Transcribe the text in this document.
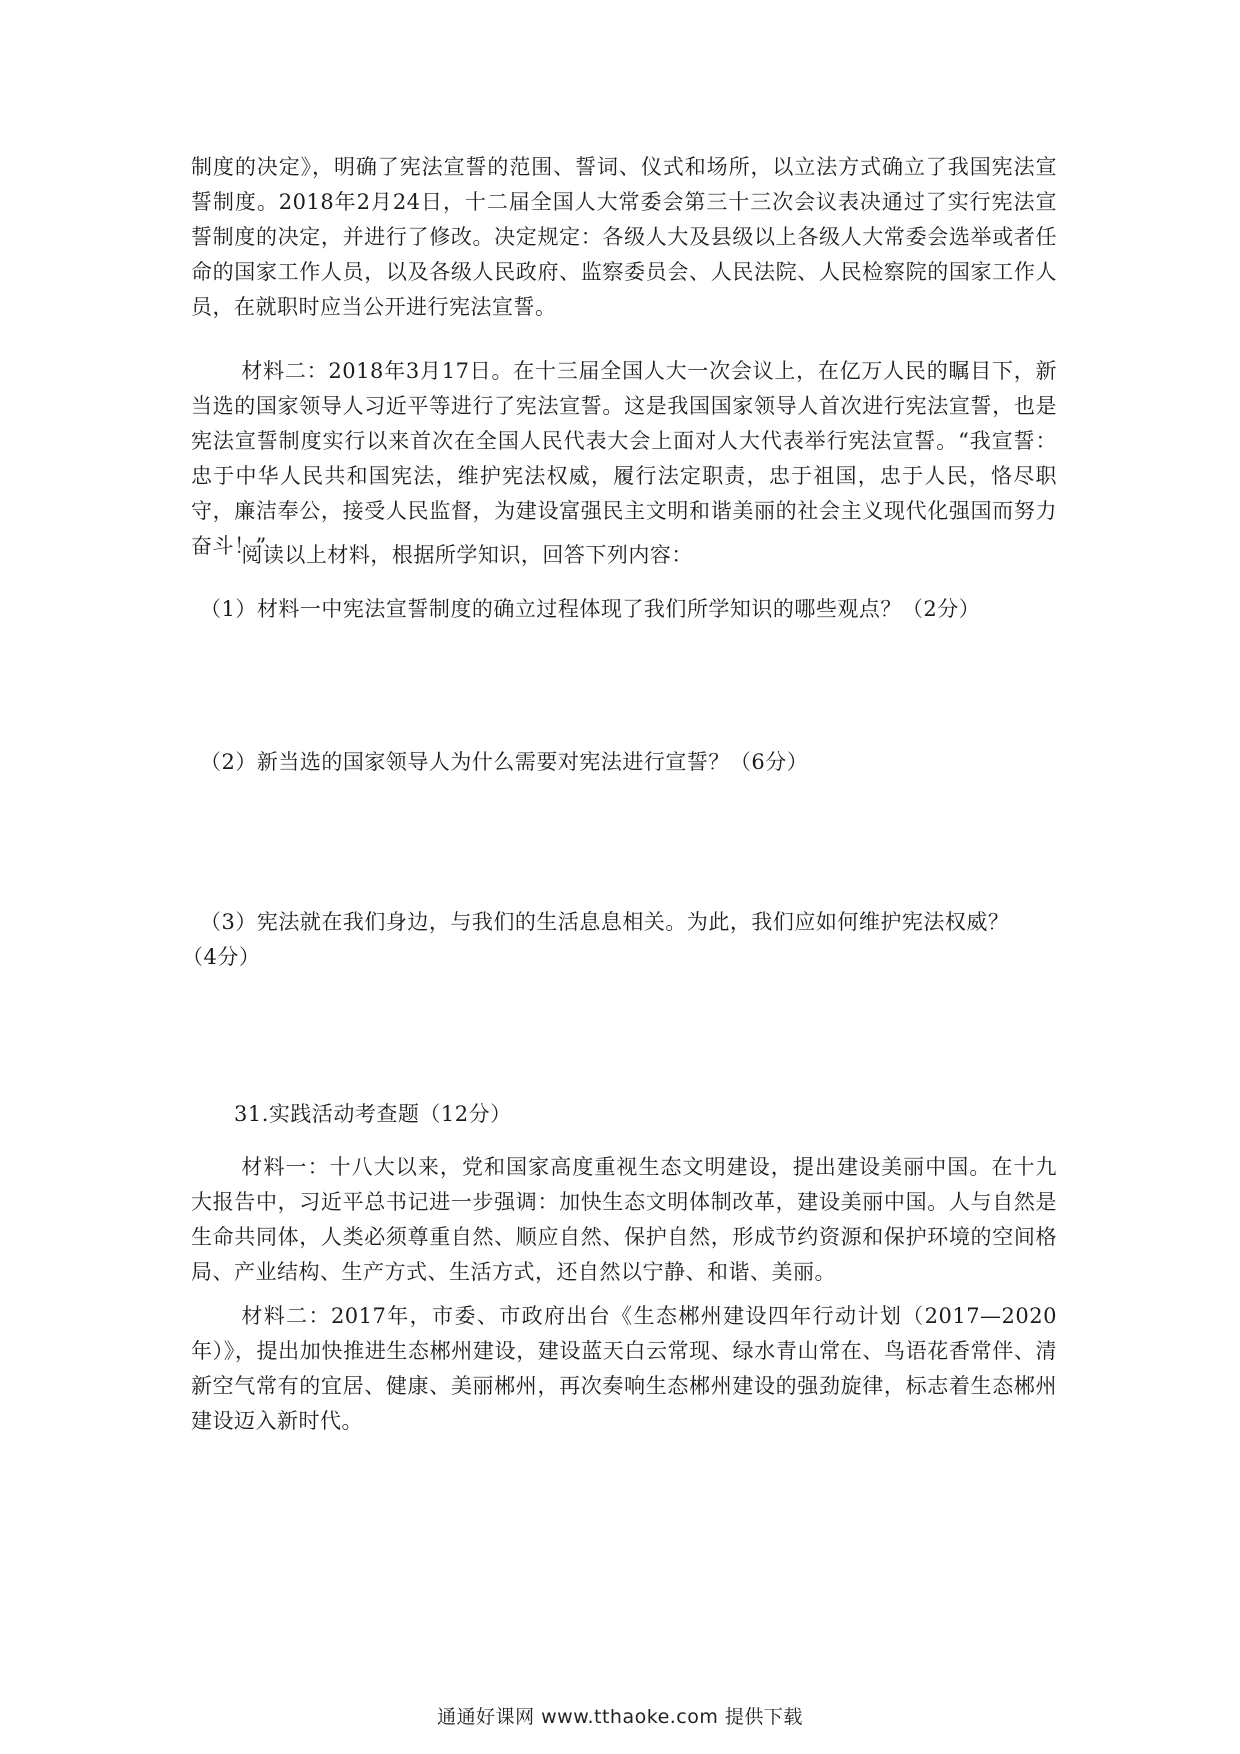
制度的决定》，明确了宪法宣誓的范围、誓词、仪式和场所，以立法方式确立了我国宪法宣誓制度。2018年2月24日，十二届全国人大常委会第三十三次会议表决通过了实行宪法宣誓制度的决定，并进行了修改。决定规定：各级人大及县级以上各级人大常委会选举或者任命的国家工作人员，以及各级人民政府、监察委员会、人民法院、人民检察院的国家工作人员，在就职时应当公开进行宪法宣誓。

材料二：2018年3月17日。在十三届全国人大一次会议上，在亿万人民的瞩目下，新当选的国家领导人习近平等进行了宪法宣誓。这是我国国家领导人首次进行宪法宣誓，也是宪法宣誓制度实行以来首次在全国人民代表大会上面对人大代表举行宪法宣誓。“我宣誓：忠于中华人民共和国宪法，维护宪法权威，履行法定职责，忠于祖国，忠于人民，恪尽职守，廉洁奉公，接受人民监督，为建设富强民主文明和谐美丽的社会主义现代化强国而努力奋斗！”

阅读以上材料，根据所学知识，回答下列内容：

（1）材料一中宪法宣誓制度的确立过程体现了我们所学知识的哪些观点？（2分）

（2）新当选的国家领导人为什么需要对宪法进行宣誓？（6分）

（3）宪法就在我们身边，与我们的生活息息相关。为此，我们应如何维护宪法权威？

（4分）

31.实践活动考查题（12分）

材料一：十八大以来，党和国家高度重视生态文明建设，提出建设美丽中国。在十九大报告中，习近平总书记进一步强调：加快生态文明体制改革，建设美丽中国。人与自然是生命共同体，人类必须尊重自然、顺应自然、保护自然，形成节约资源和保护环境的空间格局、产业结构、生产方式、生活方式，还自然以宁静、和谐、美丽。

材料二：2017年，市委、市政府出台《生态郴州建设四年行动计划（2017—2020年）》，提出加快推进生态郴州建设，建设蓝天白云常现、绿水青山常在、鸟语花香常伴、清新空气常有的宜居、健康、美丽郴州，再次奏响生态郴州建设的强劲旋律，标志着生态郴州建设迈入新时代。

通通好课网 www.tthaoke.com 提供下载
